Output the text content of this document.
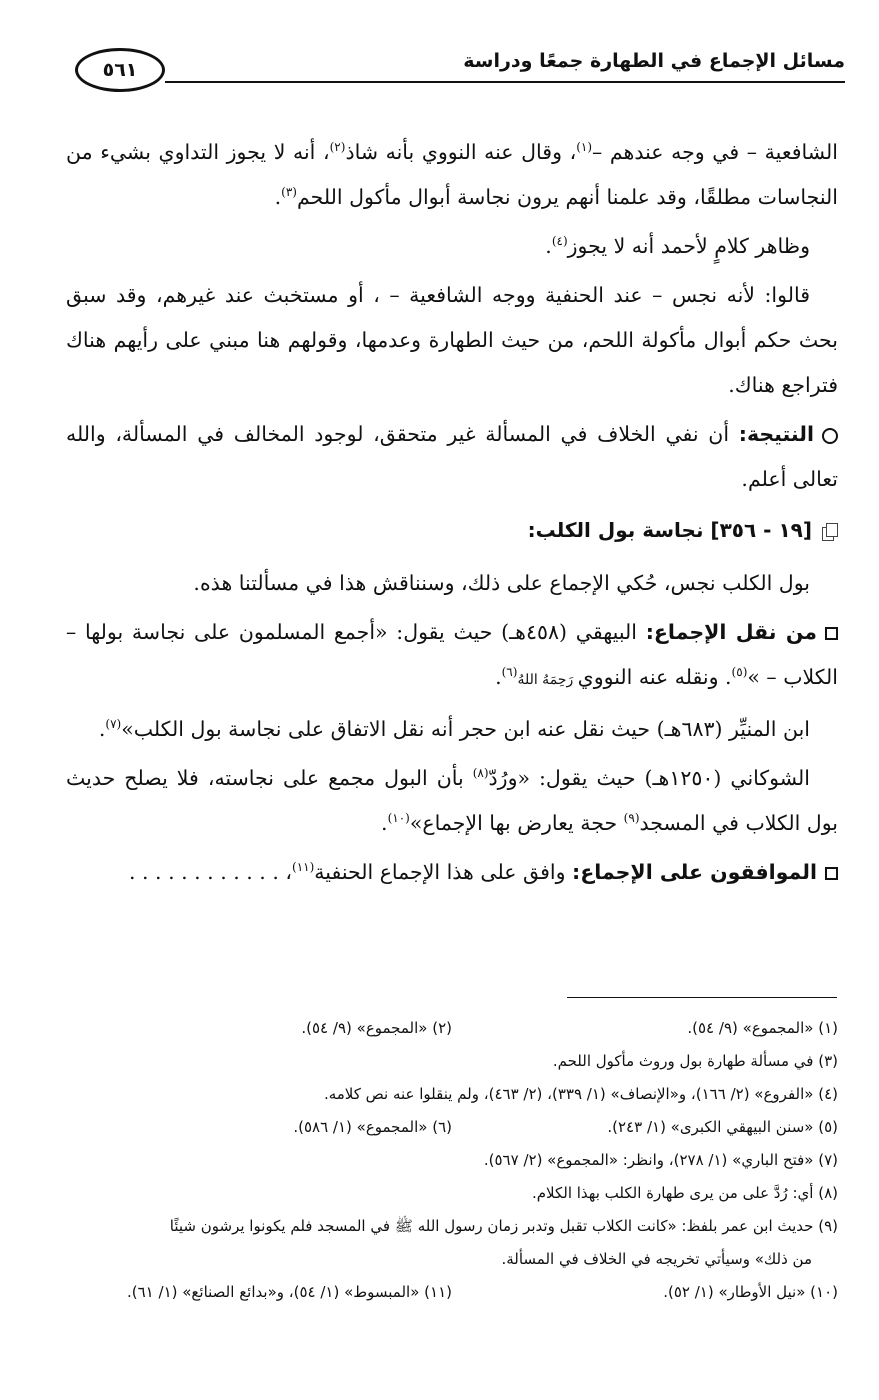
مسائل الإجماع في الطهارة جمعًا ودراسة
٥٦١

الشافعية – في وجه عندهم –$^{(١)}$، وقال عنه النووي بأنه شاذ$^{(٢)}$، أنه لا يجوز التداوي بشيء من النجاسات مطلقًا، وقد علمنا أنهم يرون نجاسة أبوال مأكول اللحم$^{(٣)}$.

وظاهر كلامٍ لأحمد أنه لا يجوز$^{(٤)}$.

قالوا: لأنه نجس – عند الحنفية ووجه الشافعية – ، أو مستخبث عند غيرهم، وقد سبق بحث حكم أبوال مأكولة اللحم، من حيث الطهارة وعدمها، وقولهم هنا مبني على رأيهم هناك فتراجع هناك.

النتيجة: أن نفي الخلاف في المسألة غير متحقق، لوجود المخالف في المسألة، والله تعالى أعلم.

[١٩ - ٣٥٦] نجاسة بول الكلب:

بول الكلب نجس، حُكي الإجماع على ذلك، وسنناقش هذا في مسألتنا هذه.

من نقل الإجماع: البيهقي (٤٥٨هـ) حيث يقول: «أجمع المسلمون على نجاسة بولها – الكلاب – »$^{(٥)}$. ونقله عنه النووي رَحِمَهُ اللهُ$^{(٦)}$.

ابن المنيِّر (٦٨٣هـ) حيث نقل عنه ابن حجر أنه نقل الاتفاق على نجاسة بول الكلب»$^{(٧)}$.

الشوكاني (١٢٥٠هـ) حيث يقول: «ورُدّ$^{(٨)}$ بأن البول مجمع على نجاسته، فلا يصلح حديث بول الكلاب في المسجد$^{(٩)}$ حجة يعارض بها الإجماع»$^{(١٠)}$.

الموافقون على الإجماع: وافق على هذا الإجماع الحنفية$^{(١١)}$، . . . . . . . . . . . .

(١) «المجموع» (٩/ ٥٤).
(٢) «المجموع» (٩/ ٥٤).
(٣) في مسألة طهارة بول وروث مأكول اللحم.
(٤) «الفروع» (٢/ ١٦٦)، و«الإنصاف» (١/ ٣٣٩)، (٢/ ٤٦٣)، ولم ينقلوا عنه نص كلامه.
(٥) «سنن البيهقي الكبرى» (١/ ٢٤٣).
(٦) «المجموع» (١/ ٥٨٦).
(٧) «فتح الباري» (١/ ٢٧٨)، وانظر: «المجموع» (٢/ ٥٦٧).
(٨) أي: رُدَّ على من يرى طهارة الكلب بهذا الكلام.
(٩) حديث ابن عمر بلفظ: «كانت الكلاب تقبل وتدبر زمان رسول الله ﷺ في المسجد فلم يكونوا يرشون شيئًا
من ذلك» وسيأتي تخريجه في الخلاف في المسألة.
(١٠) «نيل الأوطار» (١/ ٥٢).
(١١) «المبسوط» (١/ ٥٤)، و«بدائع الصنائع» (١/ ٦١).
